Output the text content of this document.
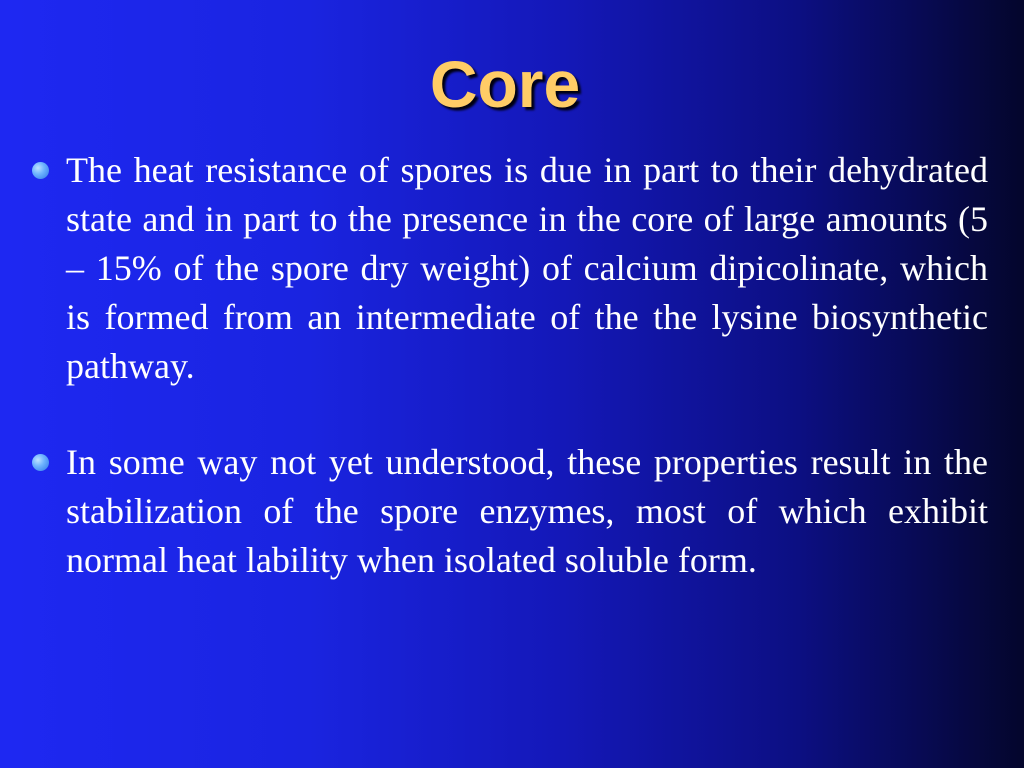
Core
The heat resistance of spores is due in part to their dehydrated state and in part to the presence in the core of large amounts (5 – 15% of the spore dry weight) of calcium dipicolinate, which is formed from an intermediate of the the lysine biosynthetic pathway.
In some way not yet understood, these properties result in the stabilization of the spore enzymes, most of which exhibit normal heat lability when isolated soluble form.
